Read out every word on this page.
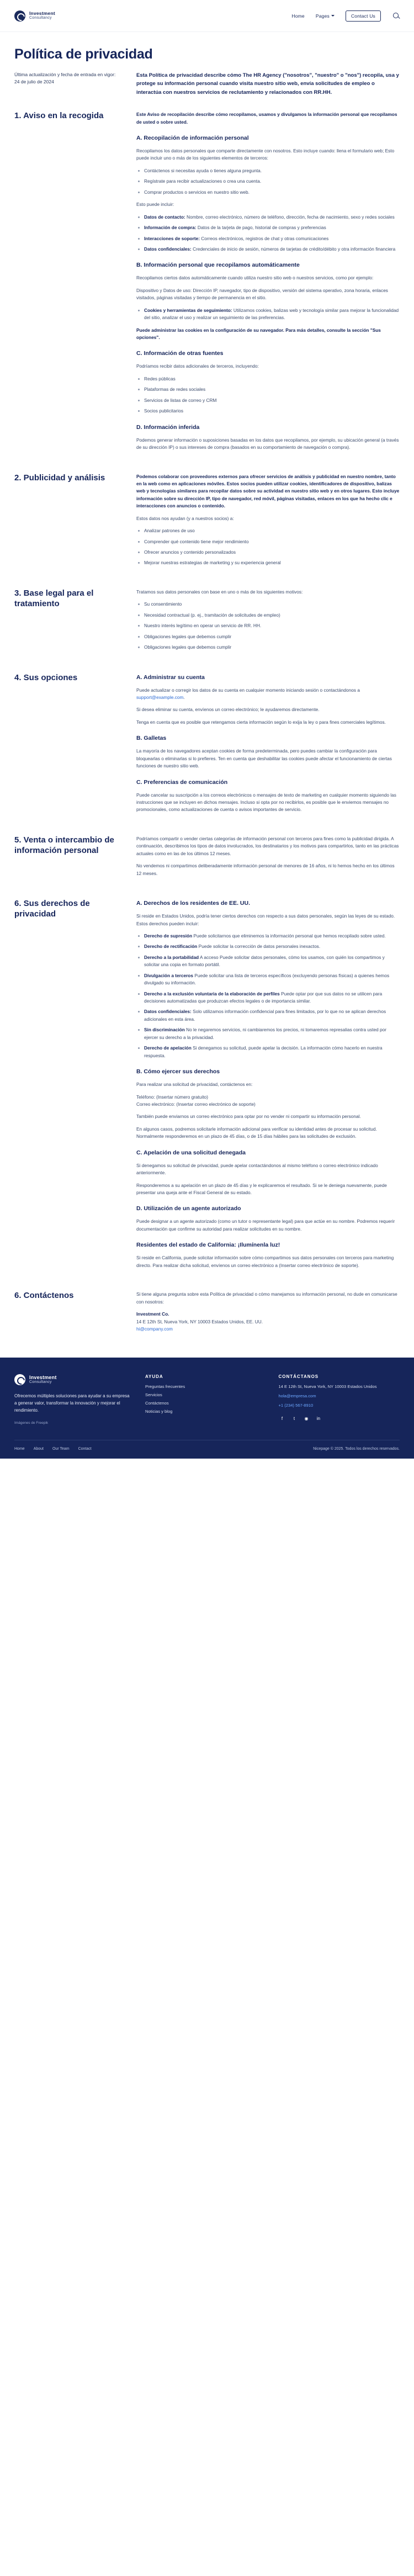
Investment
Consultancy	Home Pages	Contact Us
Política de privacidad
Última actualización y fecha de entrada en vigor: 24 de julio de 2024
Esta Política de privacidad describe cómo The HR Agency ("nosotros", "nuestro" o "nos") recopila, usa y protege su información personal cuando visita nuestro sitio web, envía solicitudes de empleo o interactúa con nuestros servicios de reclutamiento y relacionados con RR.HH.
1. Aviso en la recogida	Este Aviso de recopilación describe cómo recopilamos, usamos y divulgamos la información personal que recopilamos de usted o sobre usted.

A. Recopilación de información personal

Recopilamos los datos personales que comparte directamente con nosotros. Esto incluye cuando: llena el formulario web; Esto puede incluir uno o más de los siguientes elementos de terceros:

Contáctenos si necesitas ayuda o tienes alguna pregunta.
Regístrate para recibir actualizaciones o crea una cuenta.
Comprar productos o servicios en nuestro sitio web.

Esto puede incluir:

Datos de contacto: Nombre, correo electrónico, número de teléfono, dirección, fecha de nacimiento, sexo y redes sociales
Información de compra: Datos de la tarjeta de pago, historial de compras y preferencias
Interacciones de soporte: Correos electrónicos, registros de chat y otras comunicaciones
Datos confidenciales: Credenciales de inicio de sesión, números de tarjetas de crédito/débito y otra información financiera
B. Información personal que recopilamos automáticamente

Recopilamos ciertos datos automáticamente cuando utiliza nuestro sitio web o nuestros servicios, como por ejemplo:

Dispositivo y Datos de uso: Dirección IP, navegador, tipo de dispositivo, versión del sistema operativo, zona horaria, enlaces visitados, páginas visitadas y tiempo de permanencia en el sitio.

Cookies y herramientas de seguimiento: Utilizamos cookies, balizas web y tecnología similar para mejorar la funcionalidad del sitio, analizar el uso y realizar un seguimiento de las preferencias.

Puede administrar las cookies en la configuración de su navegador. Para más detalles, consulte la sección "Sus opciones".

C. Información de otras fuentes

Podríamos recibir datos adicionales de terceros, incluyendo:

Redes públicas
Plataformas de redes sociales
Servicios de listas de correo y CRM
Socios publicitarios
D. Información inferida

Podemos generar información o suposiciones basadas en los datos que recopilamos, por ejemplo, su ubicación general (a través de su dirección IP) o sus intereses de compra (basados en su comportamiento de navegación o compra).

2. Publicidad y análisis	Podemos colaborar con proveedores externos para ofrecer servicios de análisis y publicidad en nuestro nombre, tanto en la web como en aplicaciones móviles. Estos socios pueden utilizar cookies, identificadores de dispositivo, balizas web y tecnologías similares para recopilar datos sobre su actividad en nuestro sitio web y en otros lugares. Esto incluye información sobre su dirección IP, tipo de navegador, red móvil, páginas visitadas, enlaces en los que ha hecho clic e interacciones con anuncios o contenido.

Estos datos nos ayudan (y a nuestros socios) a:

Analizar patrones de uso
Comprender qué contenido tiene mejor rendimiento
Ofrecer anuncios y contenido personalizados
Mejorar nuestras estrategias de marketing y su experiencia general
3. Base legal para el tratamiento

Tratamos sus datos personales con base en uno o más de los siguientes motivos:

Su consentimiento
Necesidad contractual (p. ej., tramitación de solicitudes de empleo)
Nuestro interés legítimo en operar un servicio de RR. HH.
Obligaciones legales que debemos cumplir
Obligaciones legales que debemos cumplir
4. Sus opciones	A. Administrar su cuenta

Puede actualizar o corregir los datos de su cuenta en cualquier momento iniciando sesión o contactándonos a support@example.com.

Si desea eliminar su cuenta, envíenos un correo electrónico; le ayudaremos directamente.

Tenga en cuenta que es posible que retengamos cierta información según lo exija la ley o para fines comerciales legítimos.

B. Galletas

La mayoría de los navegadores aceptan cookies de forma predeterminada, pero puedes cambiar la configuración para bloquearlas o eliminarlas si lo prefieres. Ten en cuenta que deshabilitar las cookies puede afectar el funcionamiento de ciertas funciones de nuestro sitio web.

C. Preferencias de comunicación

Puede cancelar su suscripción a los correos electrónicos o mensajes de texto de marketing en cualquier momento siguiendo las instrucciones que se incluyen en dichos mensajes. Incluso si opta por no recibirlos, es posible que le enviemos mensajes no promocionales, como actualizaciones de cuenta o avisos importantes de servicio.

5. Venta o intercambio de información personal

Podríamos compartir o vender ciertas categorías de información personal con terceros para fines como la publicidad dirigida. A continuación, describimos los tipos de datos involucrados, los destinatarios y los motivos para compartirlos, tanto en las prácticas actuales como en las de los últimos 12 meses.

No vendemos ni compartimos deliberadamente información personal de menores de 16 años, ni lo hemos hecho en los últimos 12 meses.

6. Sus derechos de privacidad
A. Derechos de los residentes de EE. UU.

Si reside en Estados Unidos, podría tener ciertos derechos con respecto a sus datos personales, según las leyes de su estado. Estos derechos pueden incluir:

Derecho de supresión Puede solicitarnos que eliminemos la información personal que hemos recopilado sobre usted.
Derecho de rectificación Puede solicitar la corrección de datos personales inexactos.
Derecho a la portabilidad A acceso Puede solicitar datos personales, cómo los usamos, con quién los compartimos y solicitar una copia en formato portátil.
Divulgación a terceros Puede solicitar una lista de terceros específicos (excluyendo personas físicas) a quienes hemos divulgado su información.
Derecho a la exclusión voluntaria de la elaboración de perfiles Puede optar por que sus datos no se utilicen para decisiones automatizadas que produzcan efectos legales o de importancia similar.
Datos confidenciales: Solo utilizamos información confidencial para fines limitados, por lo que no se aplican derechos adicionales en esta área.
Sin discriminación No le negaremos servicios, ni cambiaremos los precios, ni tomaremos represalias contra usted por ejercer su derecho a la privacidad.
Derecho de apelación Si denegamos su solicitud, puede apelar la decisión. La información cómo hacerlo en nuestra respuesta.
B. Cómo ejercer sus derechos

Para realizar una solicitud de privacidad, contáctenos en:

Teléfono: (Insertar número gratuito)
Correo electrónico: (Insertar correo electrónico de soporte)

También puede enviarnos un correo electrónico para optar por no vender ni compartir su información personal.

En algunos casos, podremos solicitarle información adicional para verificar su identidad antes de procesar su solicitud. Normalmente responderemos en un plazo de 45 días, o de 15 días hábiles para las solicitudes de exclusión.

C. Apelación de una solicitud denegada

Si denegamos su solicitud de privacidad, puede apelar contactándonos al mismo teléfono o correo electrónico indicado anteriormente.

Responderemos a su apelación en un plazo de 45 días y le explicaremos el resultado. Si se le deniega nuevamente, puede presentar una queja ante el Fiscal General de su estado.

D. Utilización de un agente autorizado

Puede designar a un agente autorizado (como un tutor o representante legal) para que actúe en su nombre. Podremos requerir documentación que confirme su autoridad para realizar solicitudes en su nombre.

Residentes del estado de California: ¡Ilumínenla luz!

Si reside en California, puede solicitar información sobre cómo compartimos sus datos personales con terceros para marketing directo. Para realizar dicha solicitud, envíenos un correo electrónico a (Insertar correo electrónico de soporte).

6. Contáctenos	Si tiene alguna pregunta sobre esta Política de privacidad o cómo manejamos su información personal, no dude en comunicarse con nosotros:

Investment Co.
14 E 12th St, Nueva York, NY 10003 Estados Unidos, EE. UU.
hi@company.com

Investment
Consultancy
Ofrecemos múltiples soluciones para ayudar a su empresa a generar valor, transformar la innovación y mejorar el rendimiento.
Imágenes de Freepik
AYUDA
Preguntas frecuentes
Servicios
Contáctenos
Noticias y blog
CONTÁCTANOS
14 E 12th St, Nueva York, NY 10003 Estados Unidos
hola@empresa.com
+1 (234) 567-8910
f	t	◉	in
Home About Our Team Contact	Nicepage © 2025. Todos los derechos reservados.
